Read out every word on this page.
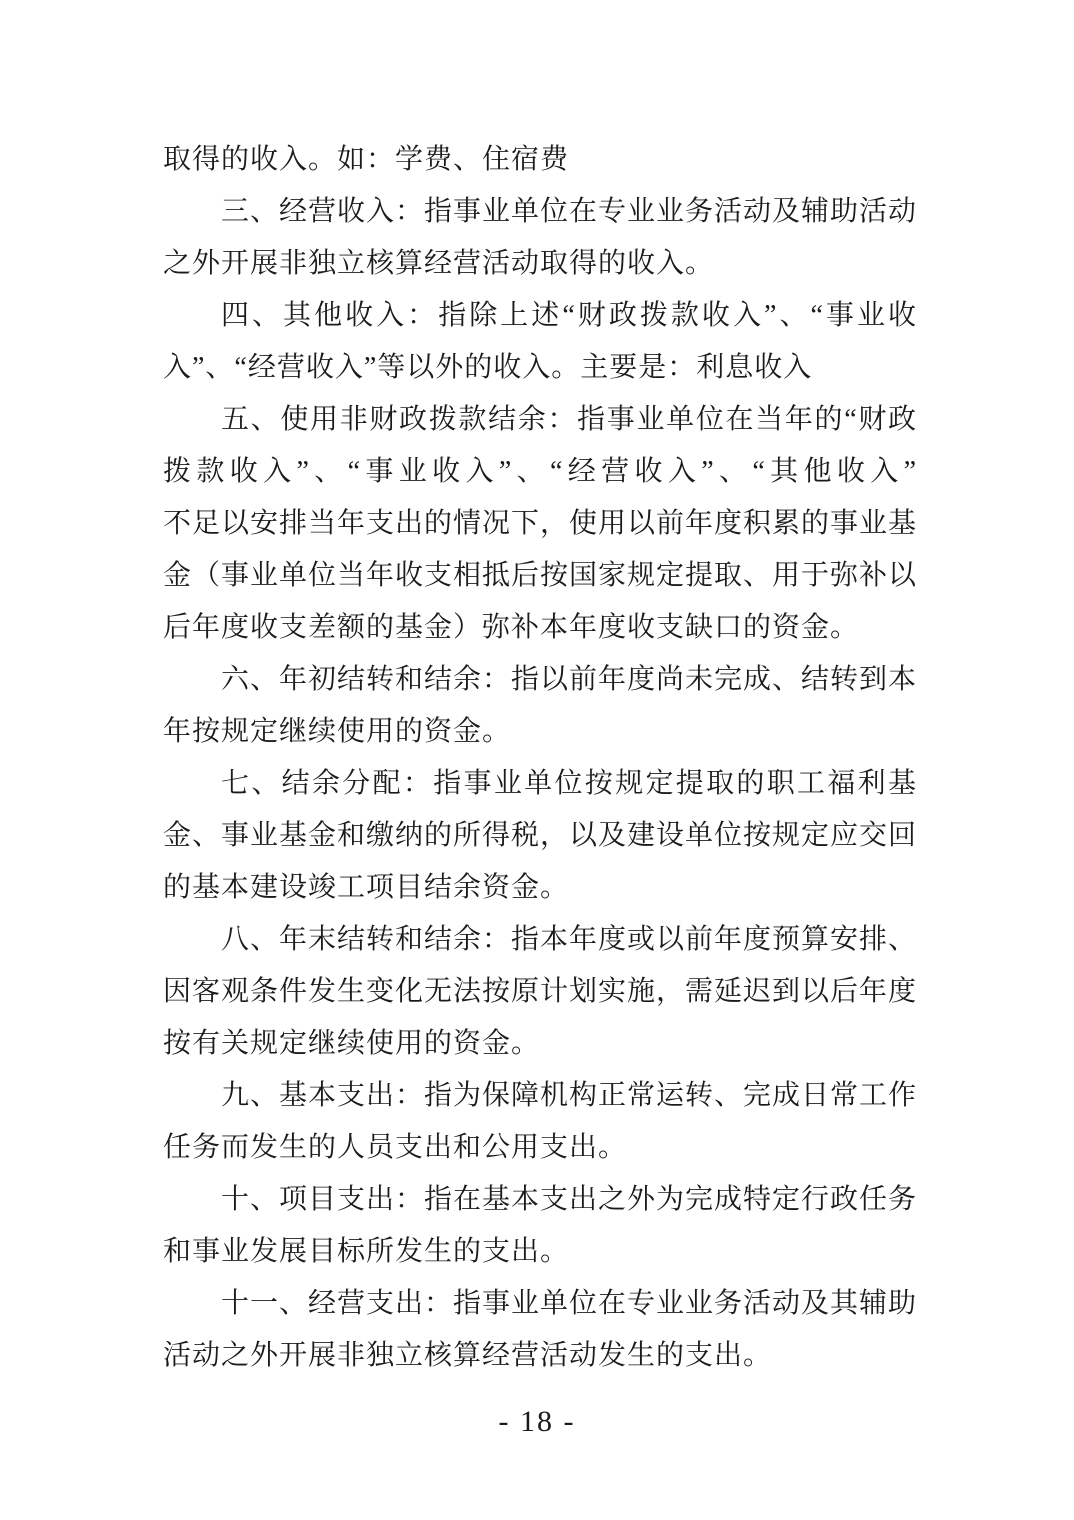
取得的收入。如：学费、住宿费
三、经营收入：指事业单位在专业业务活动及辅助活动
之外开展非独立核算经营活动取得的收入。
四、其他收入：指除上述“财政拨款收入”、“事业收
入”、“经营收入”等以外的收入。主要是：利息收入
五、使用非财政拨款结余：指事业单位在当年的“财政
拨款收入”、“事业收入”、“经营收入”、“其他收入”
不足以安排当年支出的情况下，使用以前年度积累的事业基
金（事业单位当年收支相抵后按国家规定提取、用于弥补以
后年度收支差额的基金）弥补本年度收支缺口的资金。
六、年初结转和结余：指以前年度尚未完成、结转到本
年按规定继续使用的资金。
七、结余分配：指事业单位按规定提取的职工福利基
金、事业基金和缴纳的所得税，以及建设单位按规定应交回
的基本建设竣工项目结余资金。
八、年末结转和结余：指本年度或以前年度预算安排、
因客观条件发生变化无法按原计划实施，需延迟到以后年度
按有关规定继续使用的资金。
九、基本支出：指为保障机构正常运转、完成日常工作
任务而发生的人员支出和公用支出。
十、项目支出：指在基本支出之外为完成特定行政任务
和事业发展目标所发生的支出。
十一、经营支出：指事业单位在专业业务活动及其辅助
活动之外开展非独立核算经营活动发生的支出。
- 18 -
